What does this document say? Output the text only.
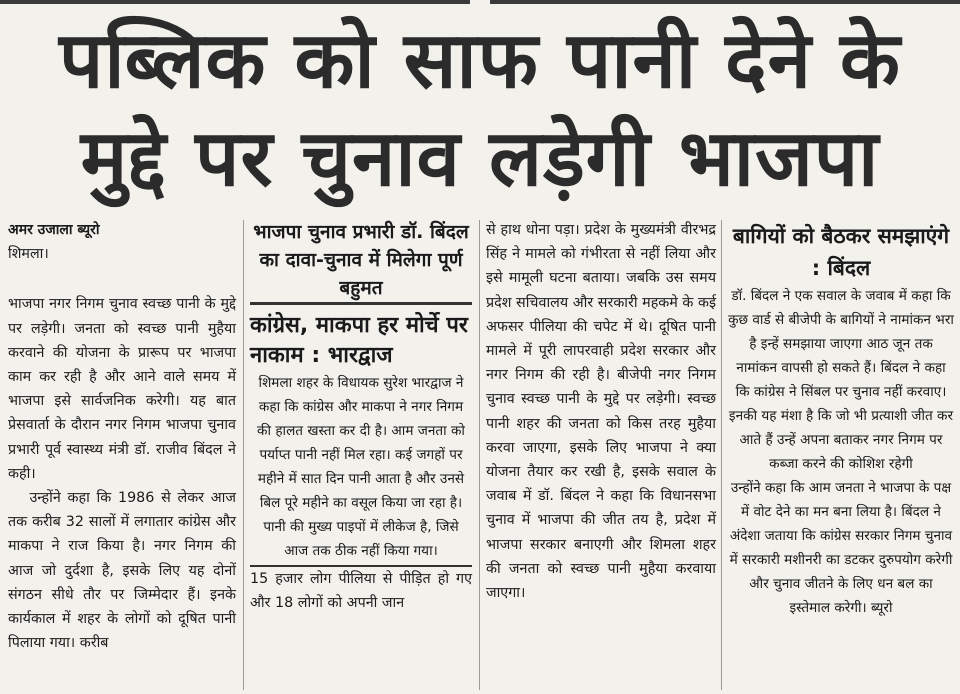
पब्लिक को साफ पानी देने के
मुद्दे पर चुनाव लड़ेगी भाजपा

अमर उजाला ब्यूरो

शिमला।

भाजपा नगर निगम चुनाव स्वच्छ पानी के मुद्दे पर लड़ेगी। जनता को स्वच्छ पानी मुहैया करवाने की योजना के प्रारूप पर भाजपा काम कर रही है और आने वाले समय में भाजपा इसे सार्वजनिक करेगी। यह बात प्रेसवार्ता के दौरान नगर निगम भाजपा चुनाव प्रभारी पूर्व स्वास्थ्य मंत्री डॉ. राजीव बिंदल ने कही।

उन्होंने कहा कि 1986 से लेकर आज तक करीब 32 सालों में लगातार कांग्रेस और माकपा ने राज किया है। नगर निगम की आज जो दुर्दशा है, इसके लिए यह दोनों संगठन सीधे तौर पर जिम्मेदार हैं। इनके कार्यकाल में शहर के लोगों को दूषित पानी पिलाया गया। करीब

भाजपा चुनाव प्रभारी डॉ. बिंदल का दावा-चुनाव में मिलेगा पूर्ण बहुमत

कांग्रेस, माकपा हर मोर्चे पर नाकाम : भारद्वाज

शिमला शहर के विधायक सुरेश भारद्वाज ने कहा कि कांग्रेस और माकपा ने नगर निगम की हालत खस्ता कर दी है। आम जनता को पर्याप्त पानी नहीं मिल रहा। कई जगहों पर महीने में सात दिन पानी आता है और उनसे बिल पूरे महीने का वसूल किया जा रहा है। पानी की मुख्य पाइपों में लीकेज है, जिसे आज तक ठीक नहीं किया गया।

15 हजार लोग पीलिया से पीड़ित हो गए और 18 लोगों को अपनी जान

से हाथ धोना पड़ा। प्रदेश के मुख्यमंत्री वीरभद्र सिंह ने मामले को गंभीरता से नहीं लिया और इसे मामूली घटना बताया। जबकि उस समय प्रदेश सचिवालय और सरकारी महकमे के कई अफसर पीलिया की चपेट में थे। दूषित पानी मामले में पूरी लापरवाही प्रदेश सरकार और नगर निगम की रही है। बीजेपी नगर निगम चुनाव स्वच्छ पानी के मुद्दे पर लड़ेगी। स्वच्छ पानी शहर की जनता को किस तरह मुहैया करवा जाएगा, इसके लिए भाजपा ने क्या योजना तैयार कर रखी है, इसके सवाल के जवाब में डॉ. बिंदल ने कहा कि विधानसभा चुनाव में भाजपा की जीत तय है, प्रदेश में भाजपा सरकार बनाएगी और शिमला शहर की जनता को स्वच्छ पानी मुहैया करवाया जाएगा।

बागियों को बैठकर समझाएंगे : बिंदल

डॉ. बिंदल ने एक सवाल के जवाब में कहा कि कुछ वार्ड से बीजेपी के बागियों ने नामांकन भरा है इन्हें समझाया जाएगा आठ जून तक नामांकन वापसी हो सकते हैं। बिंदल ने कहा कि कांग्रेस ने सिंबल पर चुनाव नहीं करवाए। इनकी यह मंशा है कि जो भी प्रत्याशी जीत कर आते हैं उन्हें अपना बताकर नगर निगम पर कब्जा करने की कोशिश रहेगी

उन्होंने कहा कि आम जनता ने भाजपा के पक्ष में वोट देने का मन बना लिया है। बिंदल ने अंदेशा जताया कि कांग्रेस सरकार निगम चुनाव में सरकारी मशीनरी का डटकर दुरुपयोग करेगी और चुनाव जीतने के लिए धन बल का इस्तेमाल करेगी। ब्यूरो
